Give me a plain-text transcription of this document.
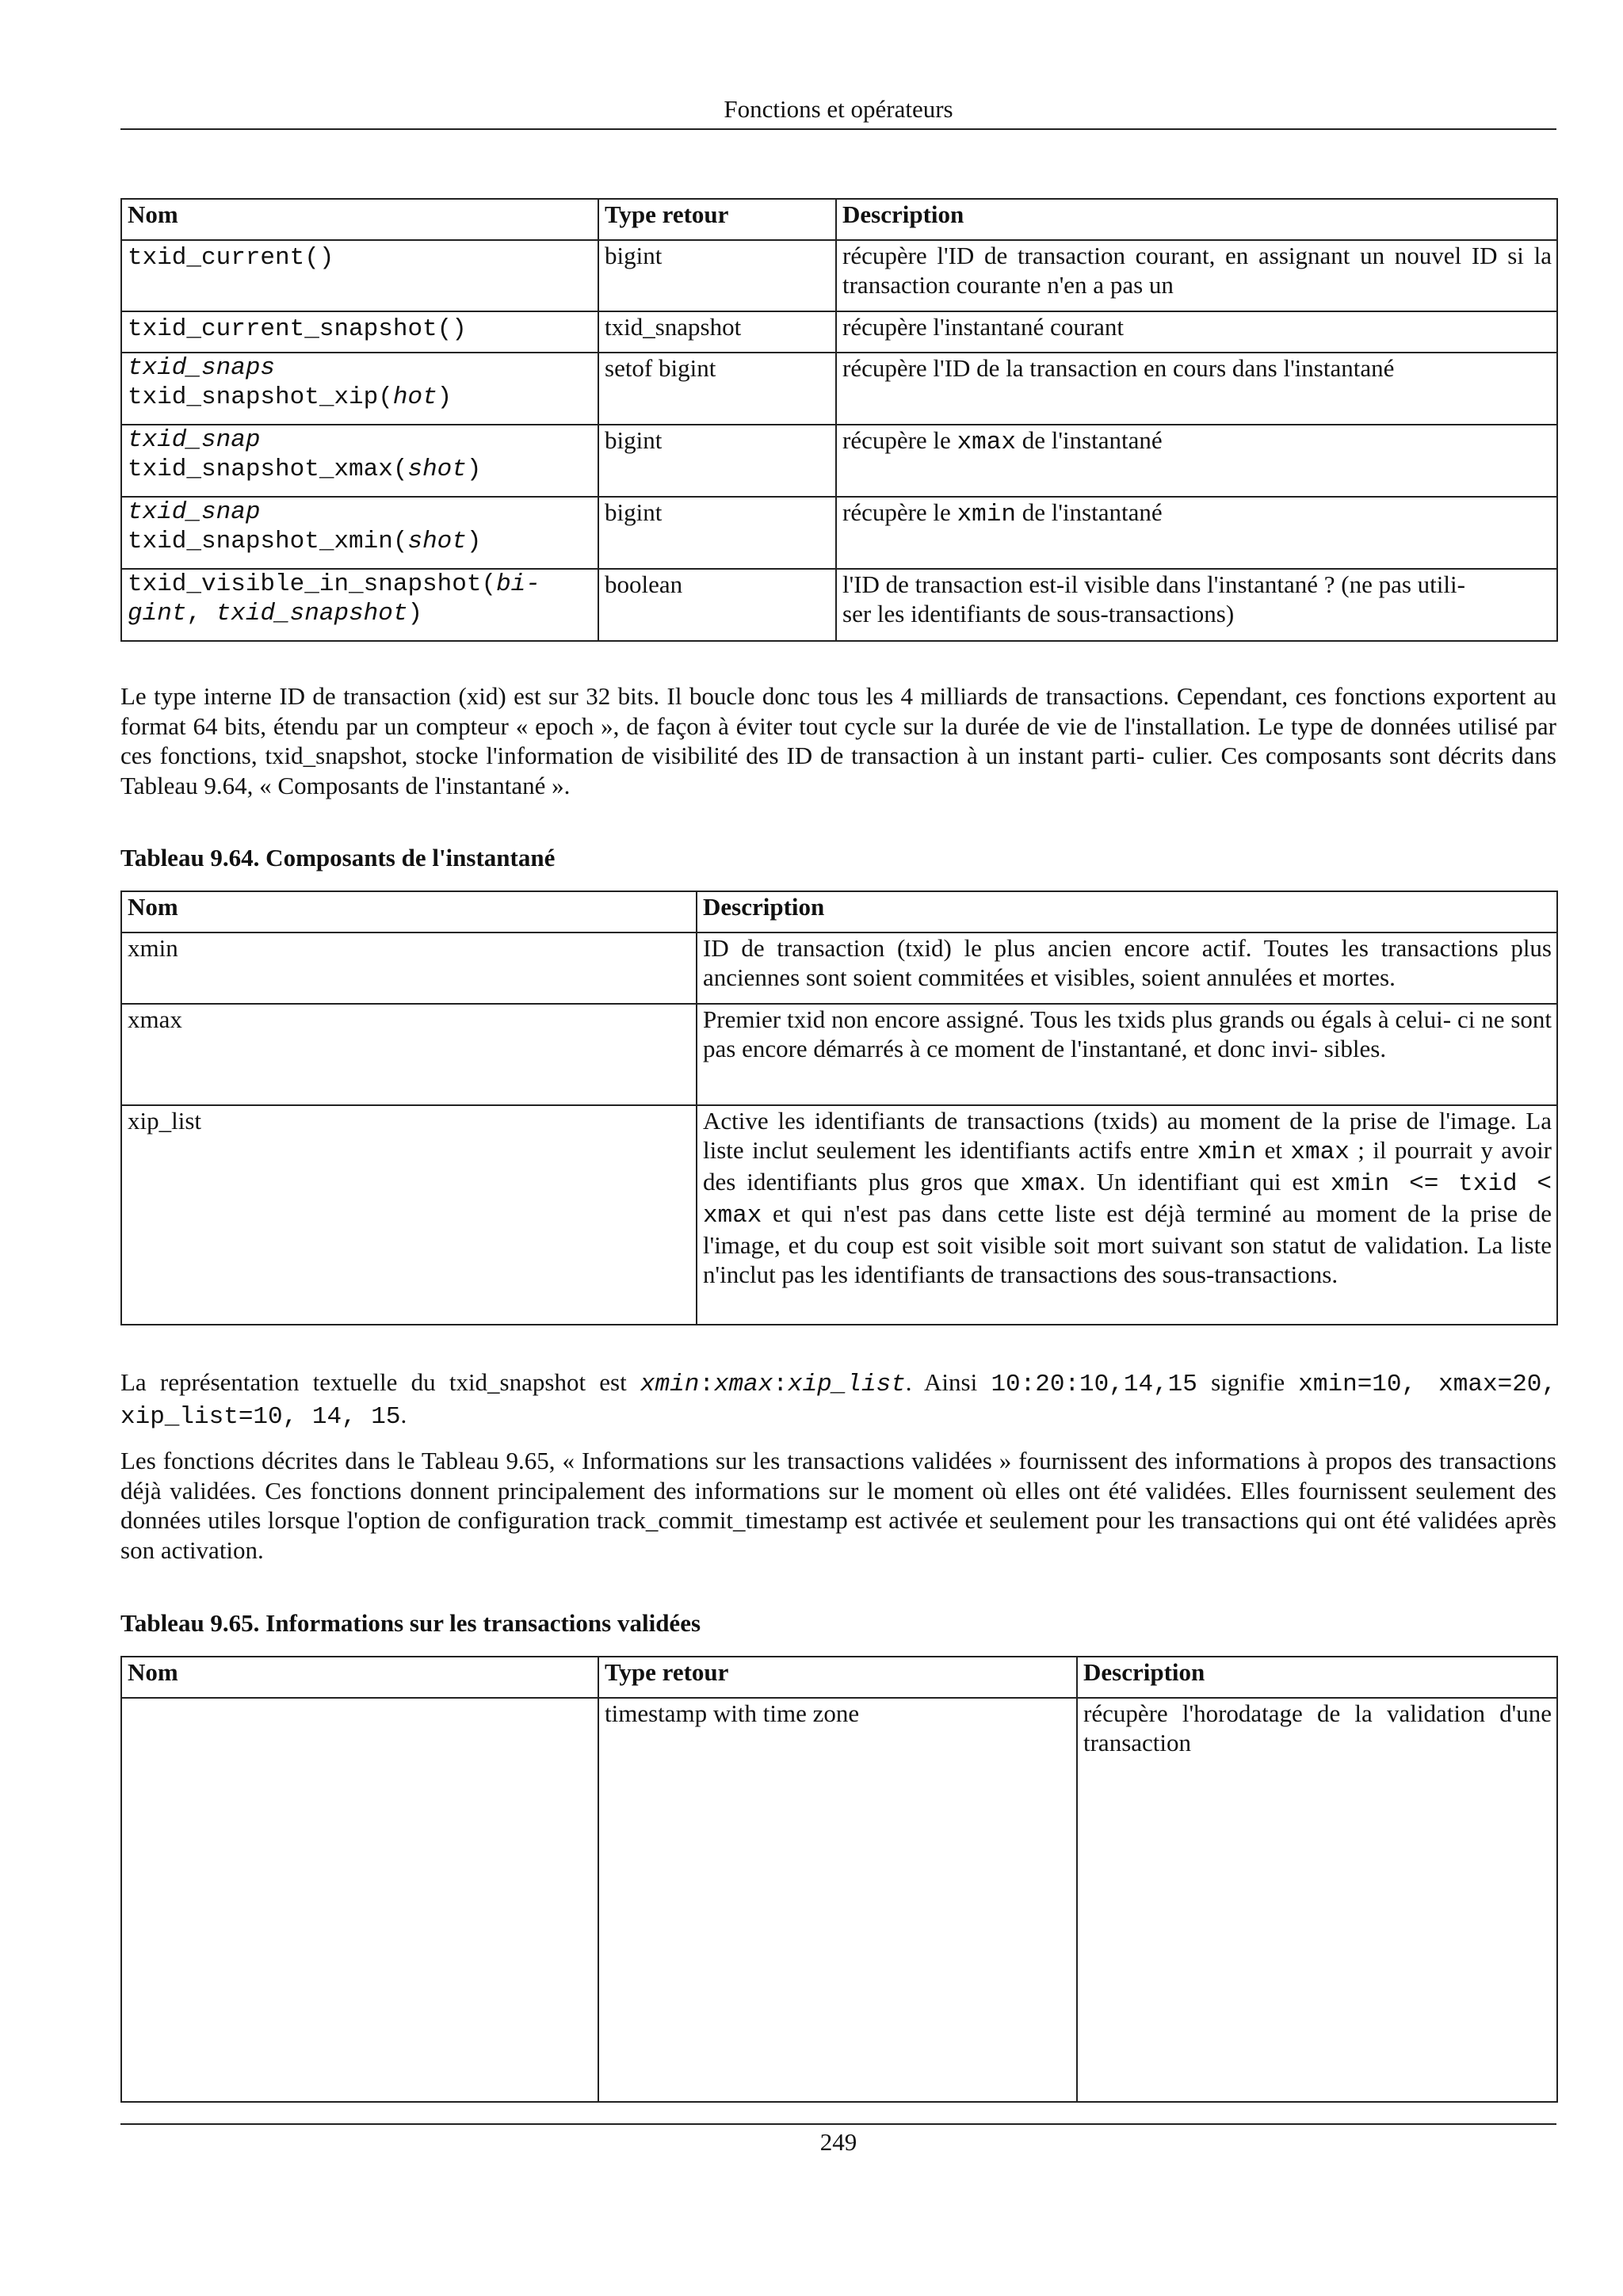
Fonctions et opérateurs
Nom	Type retour	Description
txid_current()	bigint	récupère l'ID de transaction courant, en assignant un nouvel ID si la transaction courante n'en a pas un
txid_current_snapshot()	txid_snapshot	récupère l'instantané courant
txid_snaps
txid_snapshot_xip(hot)	setof bigint	récupère l'ID de la transaction en cours dans l'instantané
txid_snap
txid_snapshot_xmax(shot)	bigint	récupère le xmax de l'instantané
txid_snap
txid_snapshot_xmin(shot)	bigint	récupère le xmin de l'instantané
txid_visible_in_snapshot(bi-
gint, txid_snapshot)	boolean	l'ID de transaction est-il visible dans l'instantané ? (ne pas utili-
ser les identifiants de sous-transactions)

Le type interne ID de transaction (xid) est sur 32 bits. Il boucle donc tous les 4 milliards de transactions. Cependant, ces fonctions exportent au format 64 bits, étendu par un compteur « epoch », de façon à éviter tout cycle sur la durée de vie de l'installation. Le type de données utilisé par ces fonctions, txid_snapshot, stocke l'information de visibilité des ID de transaction à un instant parti- culier. Ces composants sont décrits dans Tableau 9.64, « Composants de l'instantané ».

Tableau 9.64. Composants de l'instantané

Nom	Description
xmin	ID de transaction (txid) le plus ancien encore actif. Toutes les transactions plus anciennes sont soient commitées et visibles, soient annulées et mortes.
xmax	Premier txid non encore assigné. Tous les txids plus grands ou égals à celui- ci ne sont pas encore démarrés à ce moment de l'instantané, et donc invi- sibles.
xip_list	Active les identifiants de transactions (txids) au moment de la prise de l'image. La liste inclut seulement les identifiants actifs entre xmin et xmax ; il pourrait y avoir des identifiants plus gros que xmax. Un identifiant qui est xmin <= txid < xmax et qui n'est pas dans cette liste est déjà terminé au moment de la prise de l'image, et du coup est soit visible soit mort suivant son statut de validation. La liste n'inclut pas les identifiants de transactions des sous-transactions.

La représentation textuelle du txid_snapshot est xmin:xmax:xip_list. Ainsi 10:20:10,14,15 signifie xmin=10, xmax=20, xip_list=10, 14, 15.

Les fonctions décrites dans le Tableau 9.65, « Informations sur les transactions validées » fournissent des informations à propos des transactions déjà validées. Ces fonctions donnent principalement des informations sur le moment où elles ont été validées. Elles fournissent seulement des données utiles lorsque l'option de configuration track_commit_timestamp est activée et seulement pour les transactions qui ont été validées après son activation.

Tableau 9.65. Informations sur les transactions validées

Nom	Type retour	Description
	timestamp with time zone	récupère l'horodatage de la validation d'une transaction
249
